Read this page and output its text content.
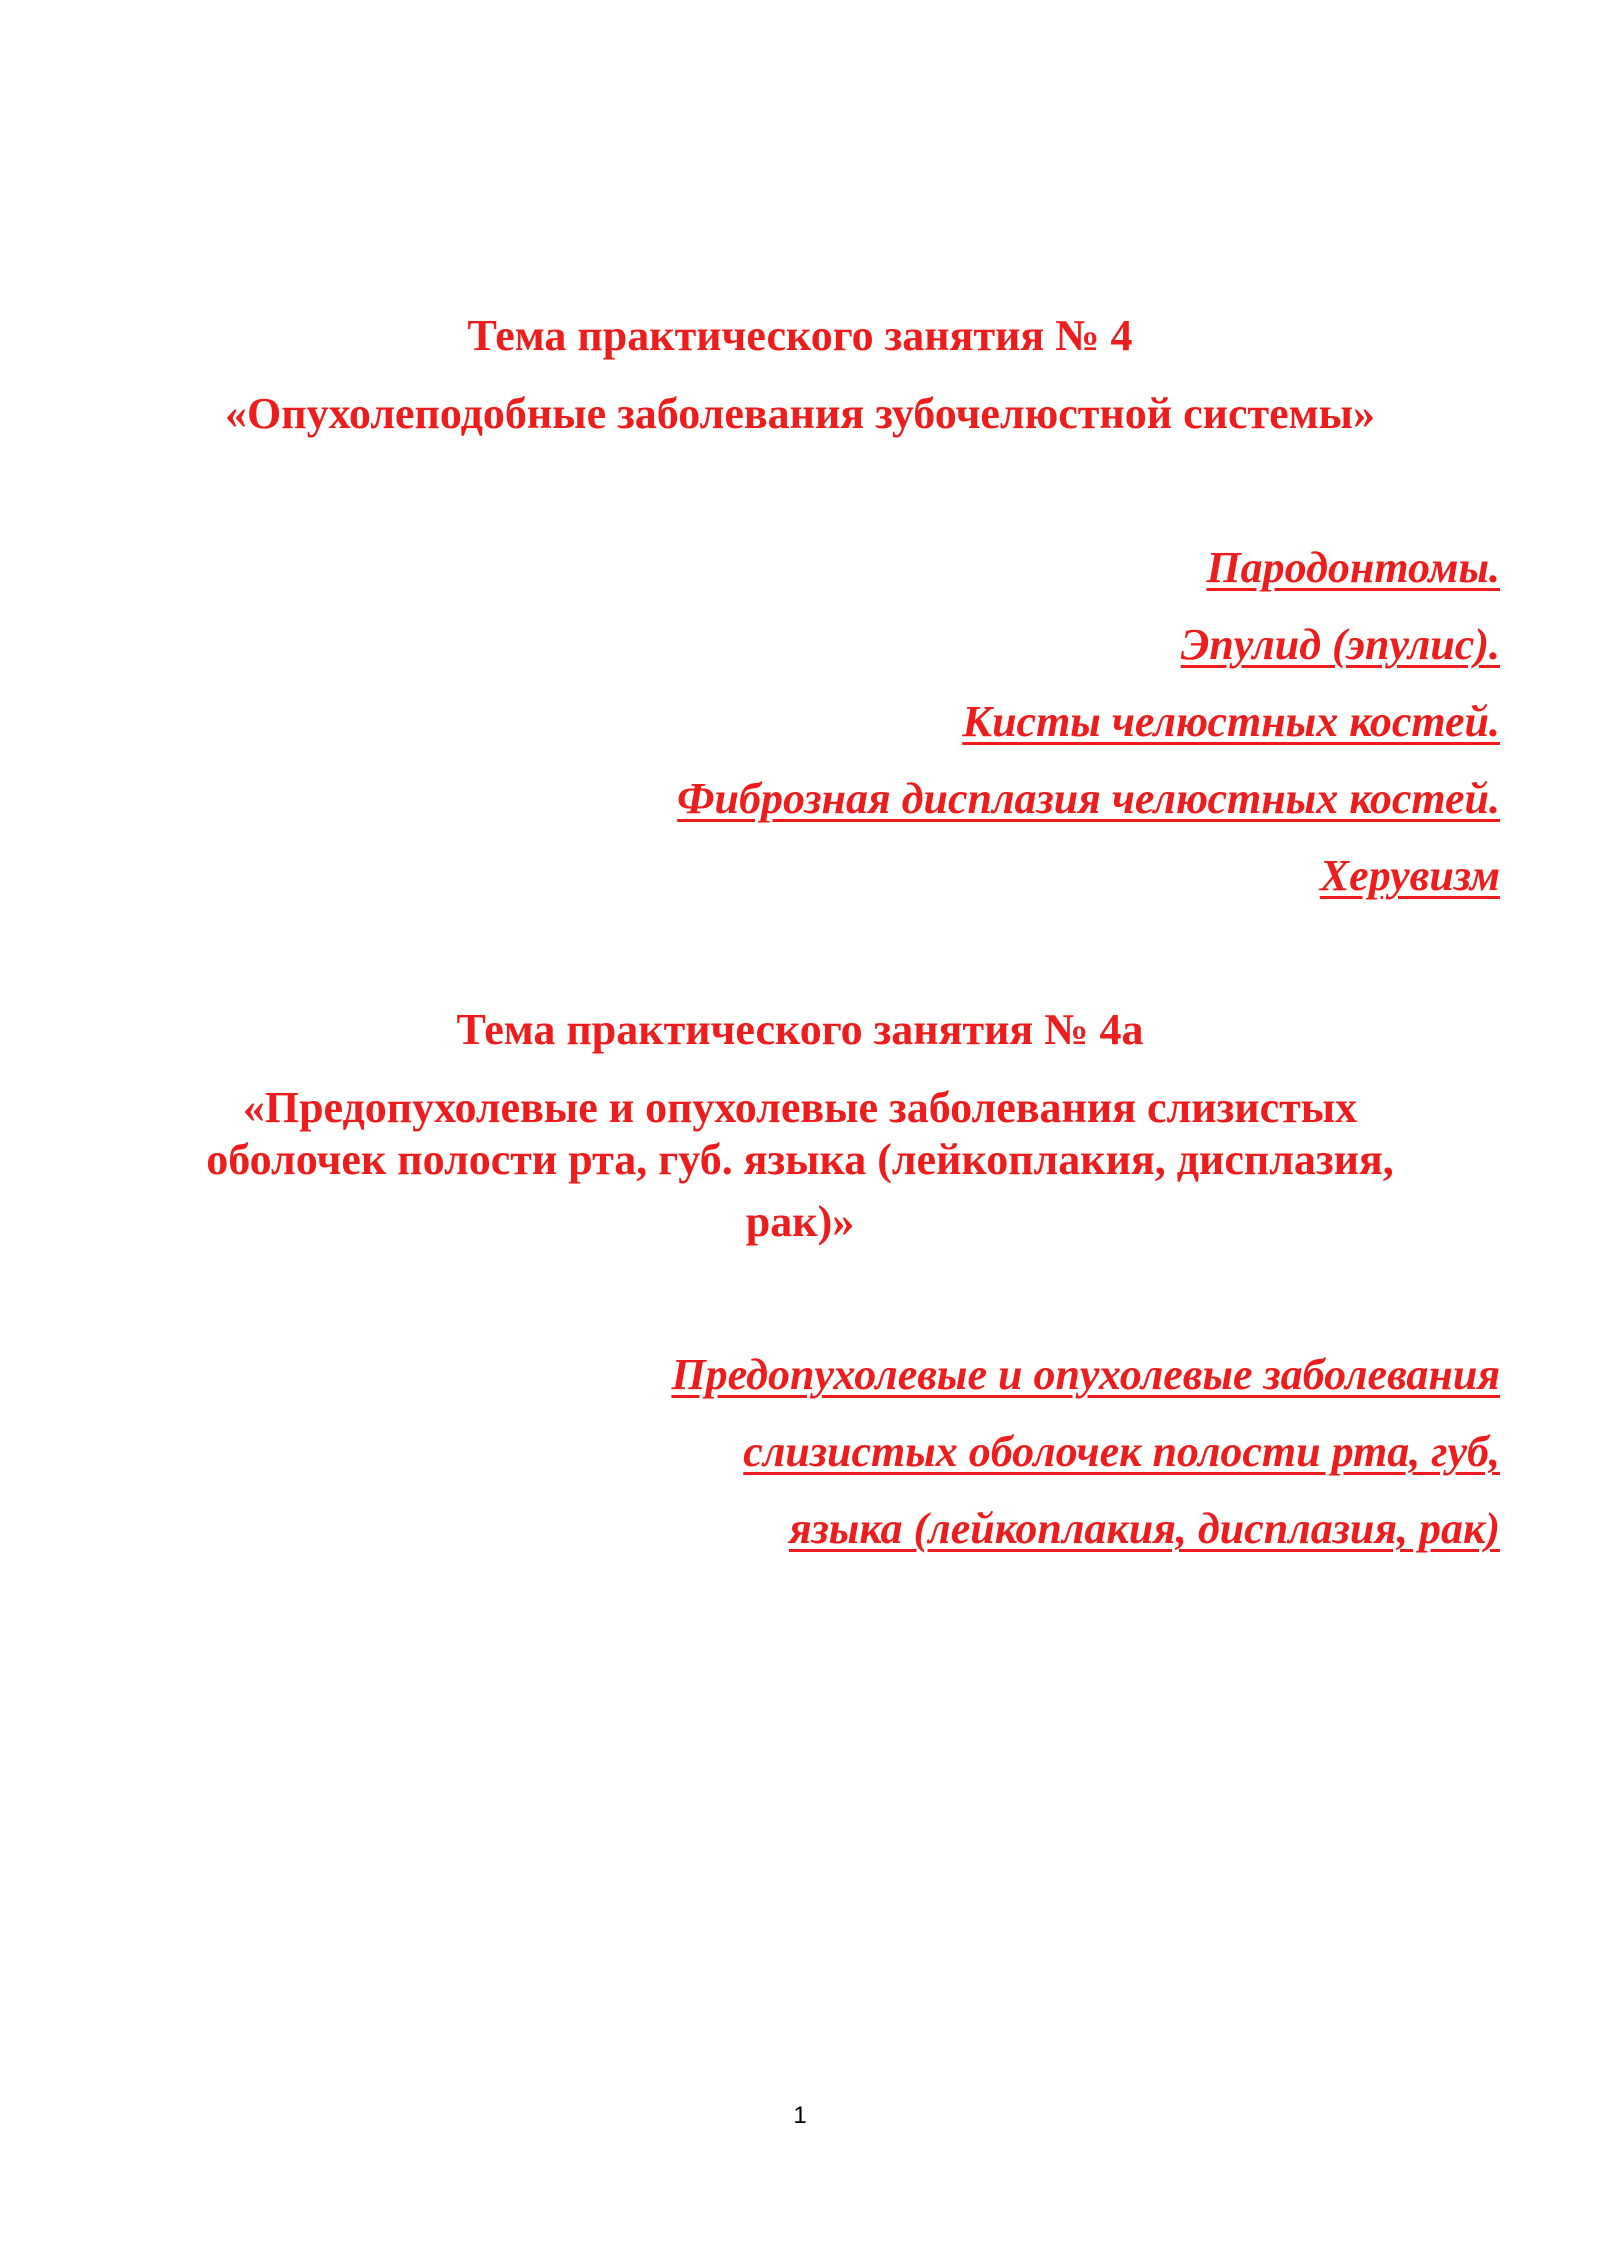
Тема практического занятия № 4

«Опухолеподобные заболевания зубочелюстной системы»

Пародонтомы.

Эпулид (эпулис).

Кисты челюстных костей.

Фиброзная дисплазия челюстных костей.

Херувизм

Тема практического занятия № 4а

«Предопухолевые и опухолевые заболевания слизистых

оболочек полости рта, губ. языка (лейкоплакия, дисплазия,

рак)»

Предопухолевые и опухолевые заболевания

слизистых оболочек полости рта, губ,

языка (лейкоплакия, дисплазия, рак)

1
